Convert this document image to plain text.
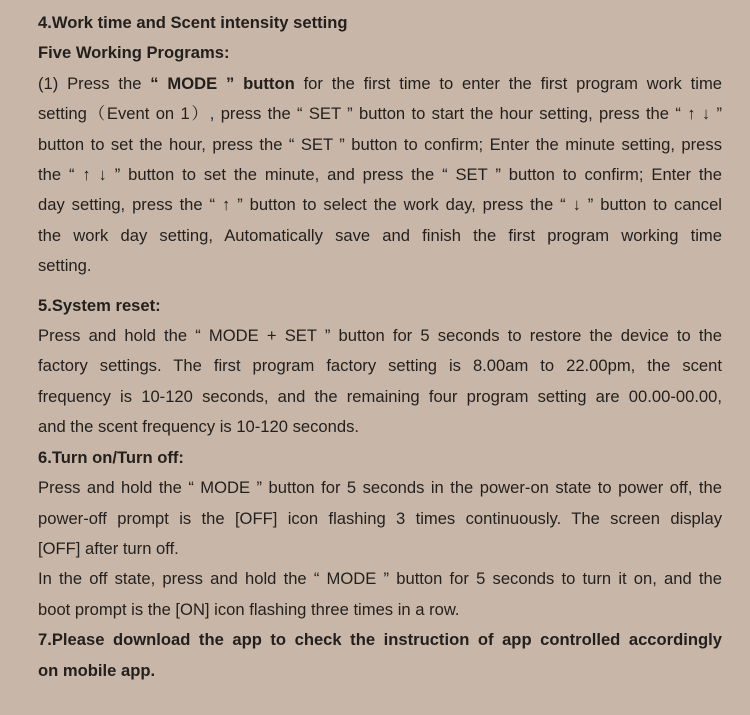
4.Work time and Scent intensity setting
Five Working Programs:
(1) Press the “ MODE ” button for the first time to enter the first program work time
setting（Event on 1）, press the “ SET ” button to start the hour setting, press the “ ↑ ↓ ”
button to set the hour, press the “ SET ” button to confirm; Enter the minute setting, press
the “ ↑ ↓ ” button to set the minute, and press the “ SET ” button to confirm; Enter the
day setting, press the “ ↑ ” button to select the work day, press the “ ↓ ” button to cancel
the work day setting, Automatically save and finish the first program working time
setting.
5.System reset:
Press and hold the “ MODE + SET ” button for 5 seconds to restore the device to the
factory settings. The first program factory setting is 8.00am to 22.00pm, the scent
frequency is 10-120 seconds, and the remaining four program setting are 00.00-00.00,
and the scent frequency is 10-120 seconds.
6.Turn on/Turn off:
Press and hold the “ MODE ” button for 5 seconds in the power-on state to power off, the
power-off prompt is the [OFF] icon flashing 3 times continuously. The screen display
[OFF] after turn off.
In the off state, press and hold the “ MODE ” button for 5 seconds to turn it on, and the
boot prompt is the [ON] icon flashing three times in a row.
7.Please download the app to check the instruction of app controlled accordingly
on mobile app.
